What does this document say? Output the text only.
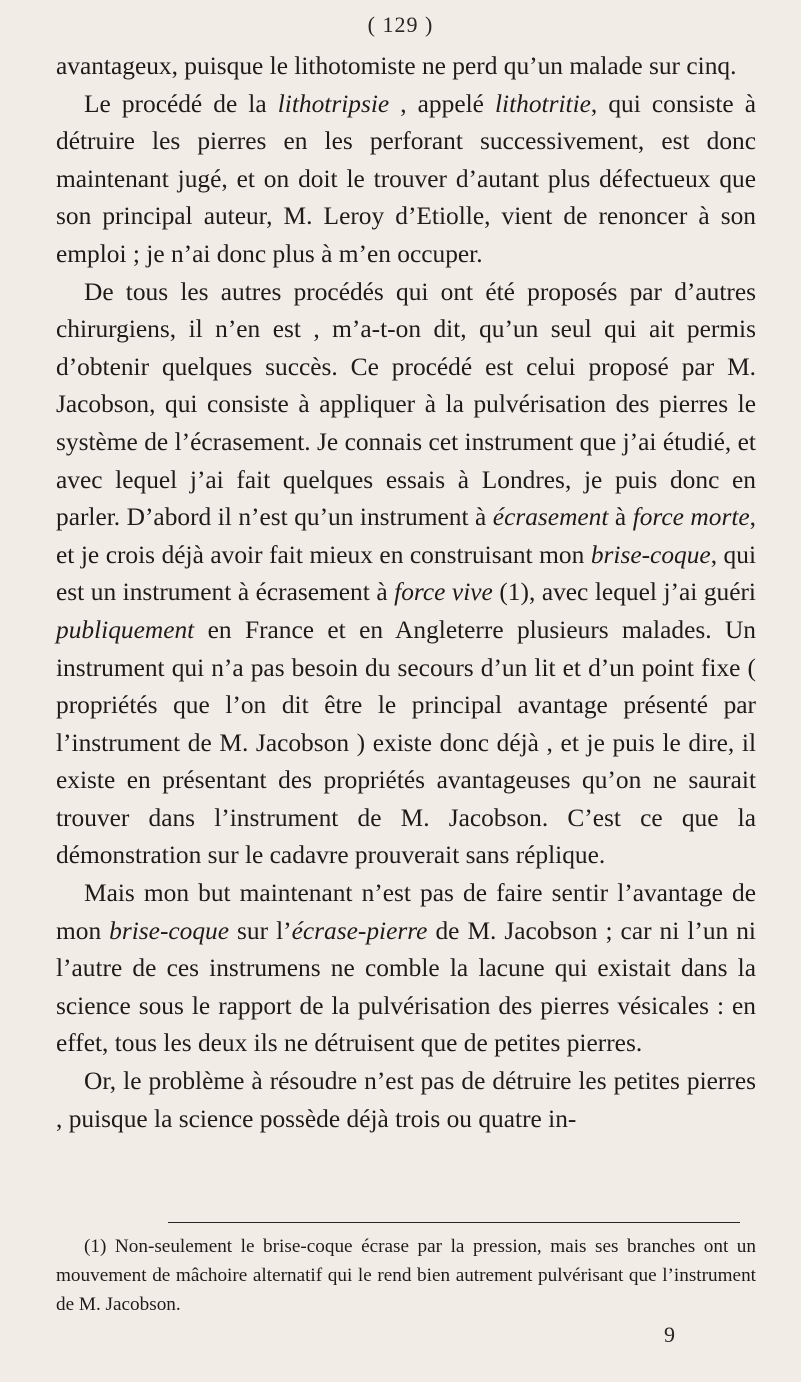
( 129 )

avantageux, puisque le lithotomiste ne perd qu’un malade sur cinq.

Le procédé de la lithotripsie , appelé lithotritie, qui consiste à détruire les pierres en les perforant successivement, est donc maintenant jugé, et on doit le trouver d’autant plus défectueux que son principal auteur, M. Leroy d’Etiolle, vient de renoncer à son emploi ; je n’ai donc plus à m’en occuper.

De tous les autres procédés qui ont été proposés par d’autres chirurgiens, il n’en est , m’a-t-on dit, qu’un seul qui ait permis d’obtenir quelques succès. Ce procédé est celui proposé par M. Jacobson, qui consiste à appliquer à la pulvérisation des pierres le système de l’écrasement. Je connais cet instrument que j’ai étudié, et avec lequel j’ai fait quelques essais à Londres, je puis donc en parler. D’abord il n’est qu’un instrument à écrasement à force morte, et je crois déjà avoir fait mieux en construisant mon brise-coque, qui est un instrument à écrasement à force vive (1), avec lequel j’ai guéri publiquement en France et en Angleterre plusieurs malades. Un instrument qui n’a pas besoin du secours d’un lit et d’un point fixe ( propriétés que l’on dit être le principal avantage présenté par l’instrument de M. Jacobson ) existe donc déjà , et je puis le dire, il existe en présentant des propriétés avantageuses qu’on ne saurait trouver dans l’instrument de M. Jacobson. C’est ce que la démonstration sur le cadavre prouverait sans réplique.

Mais mon but maintenant n’est pas de faire sentir l’avantage de mon brise-coque sur l’écrase-pierre de M. Jacobson ; car ni l’un ni l’autre de ces instrumens ne comble la lacune qui existait dans la science sous le rapport de la pulvérisation des pierres vésicales : en effet, tous les deux ils ne détruisent que de petites pierres.

Or, le problème à résoudre n’est pas de détruire les petites pierres , puisque la science possède déjà trois ou quatre in-

(1) Non-seulement le brise-coque écrase par la pression, mais ses branches ont un mouvement de mâchoire alternatif qui le rend bien autrement pulvérisant que l’instrument de M. Jacobson.
9
